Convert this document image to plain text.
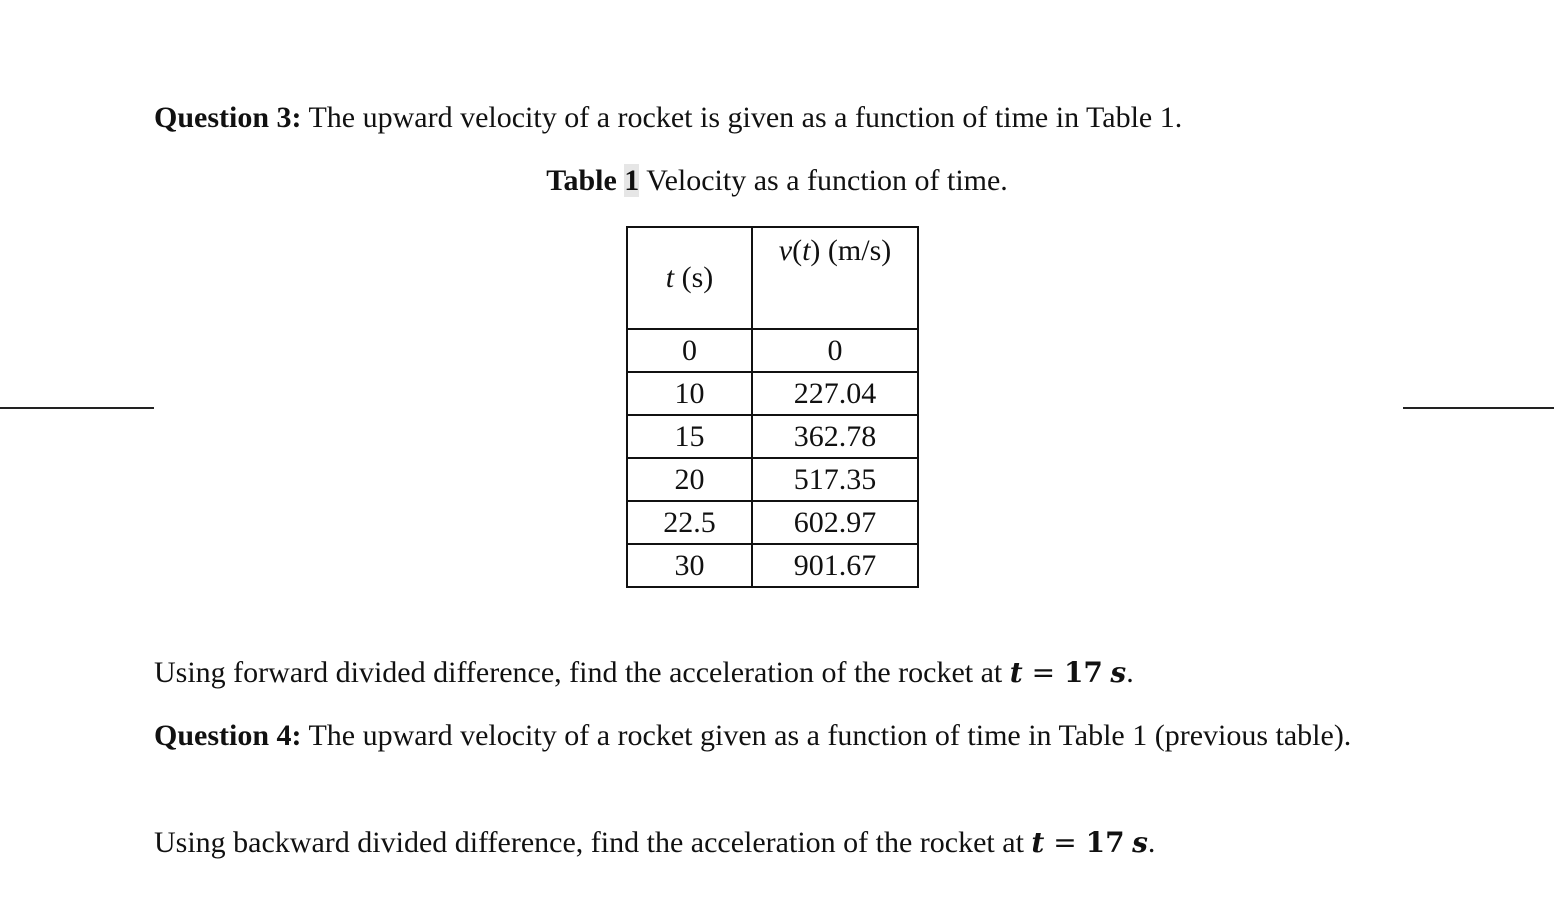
Question 3: The upward velocity of a rocket is given as a function of time in Table 1.

Table 1 Velocity as a function of time.
t (s)	v(t) (m/s)
0	0
10	227.04
15	362.78
20	517.35
22.5	602.97
30	901.67

Using forward divided difference, find the acceleration of the rocket at t = 17 s.

Question 4: The upward velocity of a rocket given as a function of time in Table 1 (previous table).

Using backward divided difference, find the acceleration of the rocket at t = 17 s.
